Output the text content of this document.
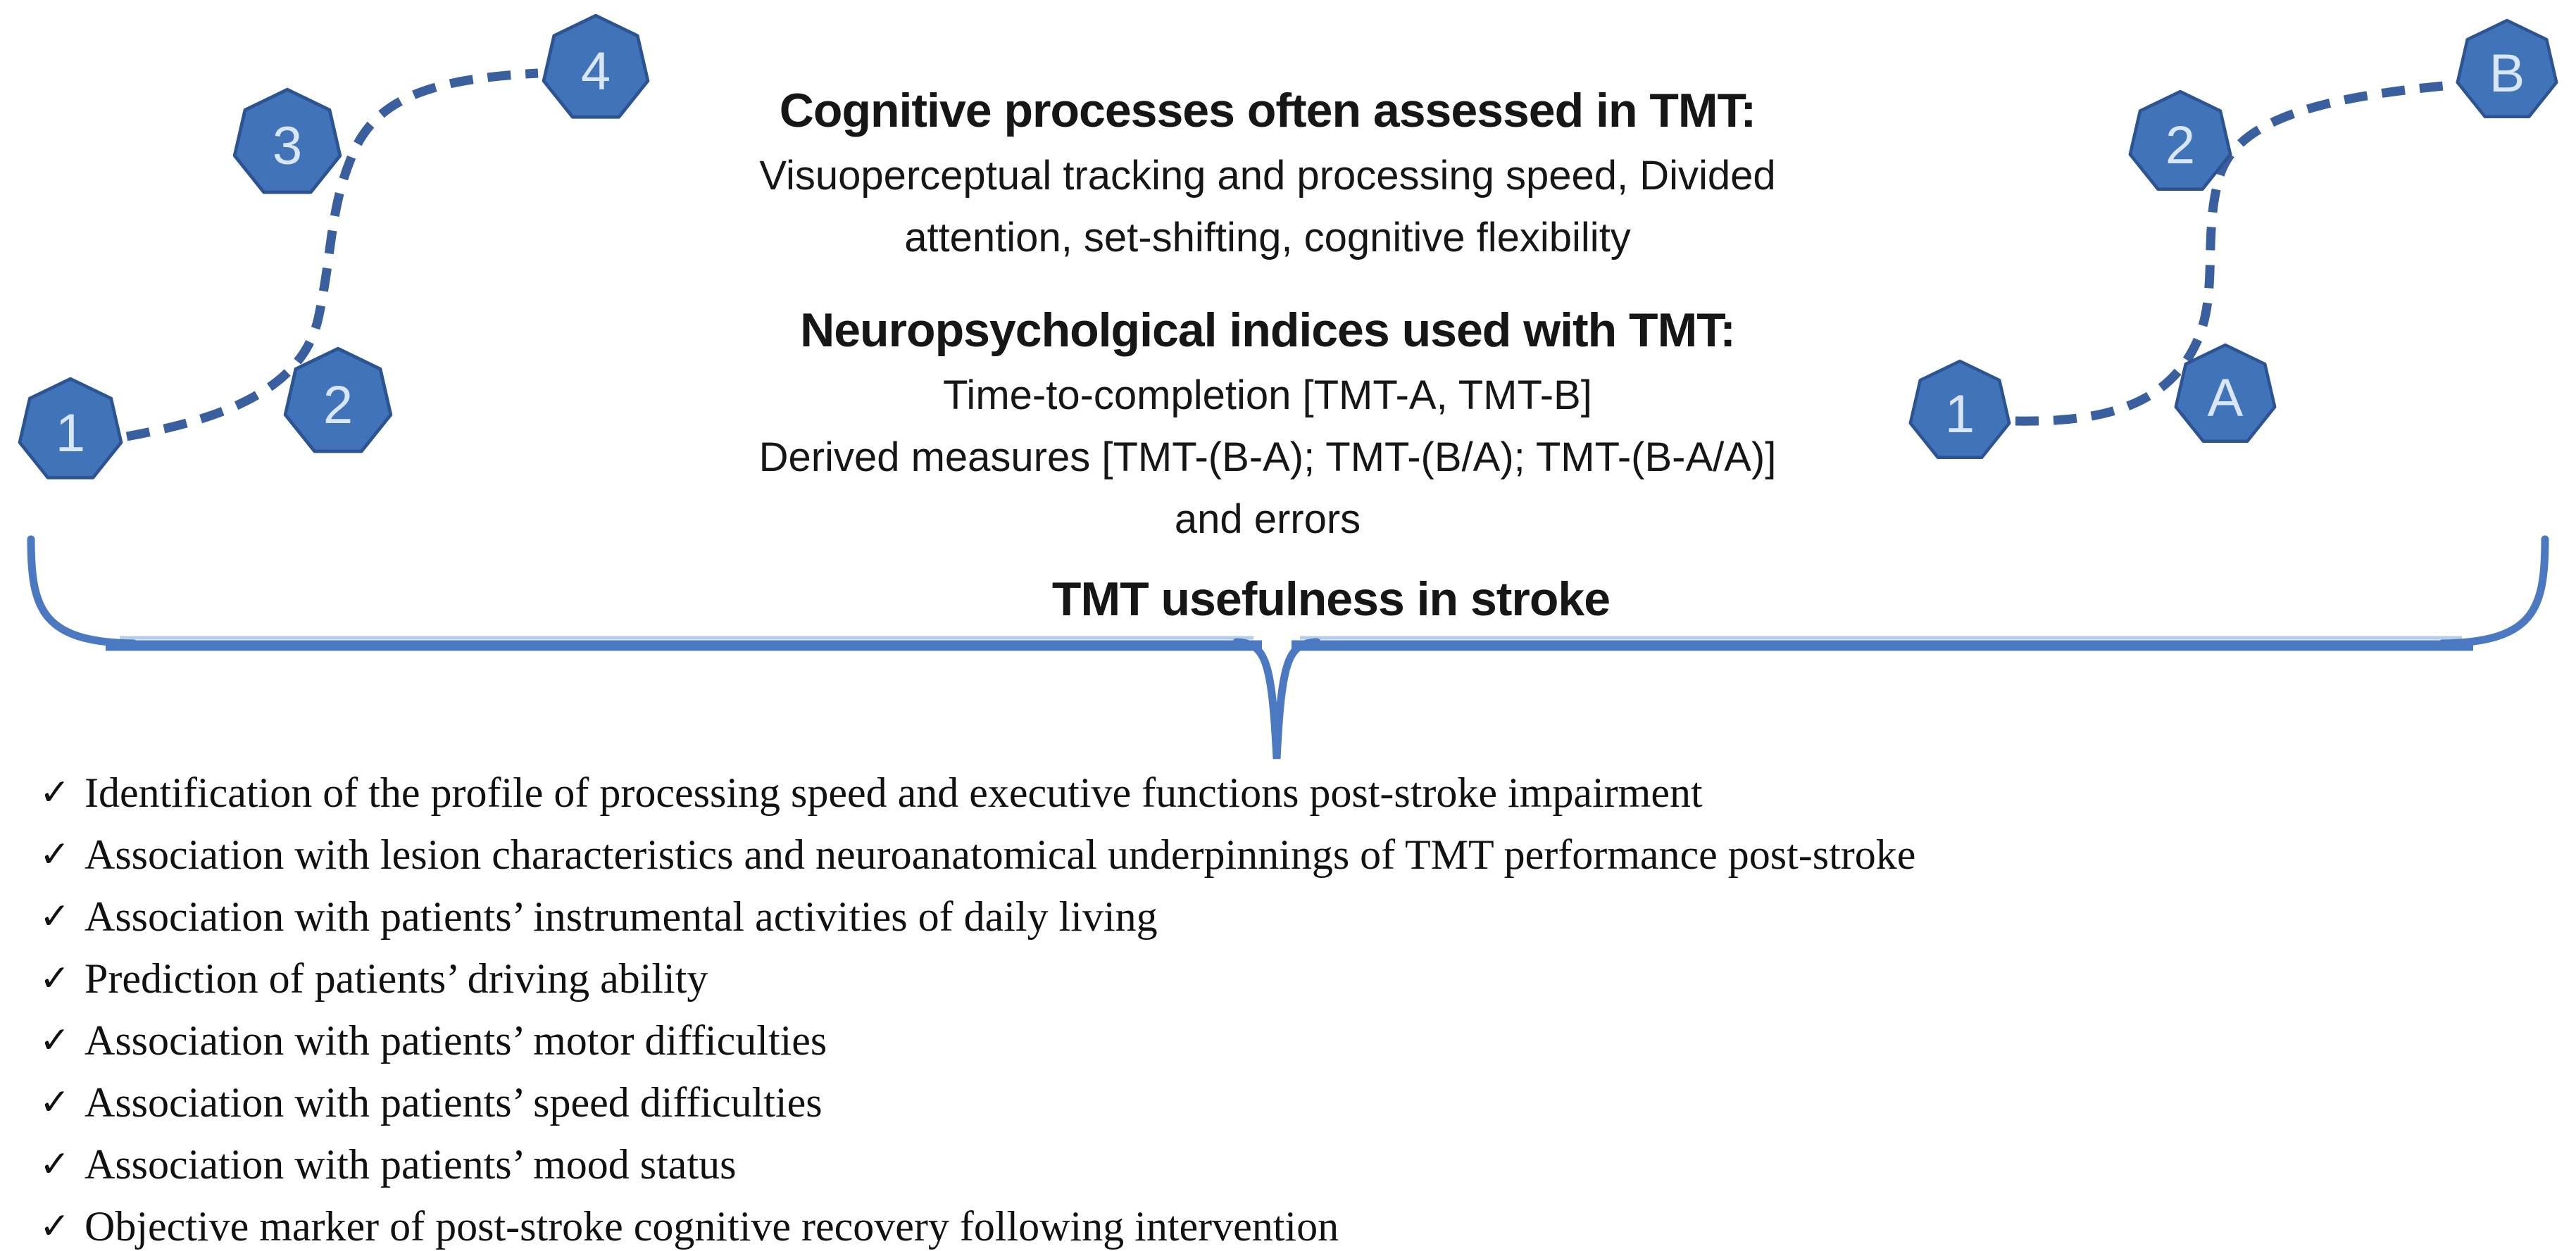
1	2
3
4
1	A
2
B
Cognitive processes often assessed in TMT:
Visuoperceptual tracking and processing speed, Divided
attention, set-shifting, cognitive flexibility
Neuropsycholgical indices used with TMT:
Time-to-completion [TMT-A, TMT-B]
Derived measures [TMT-(B-A); TMT-(B/A); TMT-(B-A/A)]
and errors
TMT usefulness in stroke
✓ Identification of the profile of processing speed and executive functions post-stroke impairment
✓ Association with lesion characteristics and neuroanatomical underpinnings of TMT performance post-stroke
✓ Association with patients’ instrumental activities of daily living
✓ Prediction of patients’ driving ability
✓ Association with patients’ motor difficulties
✓ Association with patients’ speed difficulties
✓ Association with patients’ mood status
✓ Objective marker of post-stroke cognitive recovery following intervention
